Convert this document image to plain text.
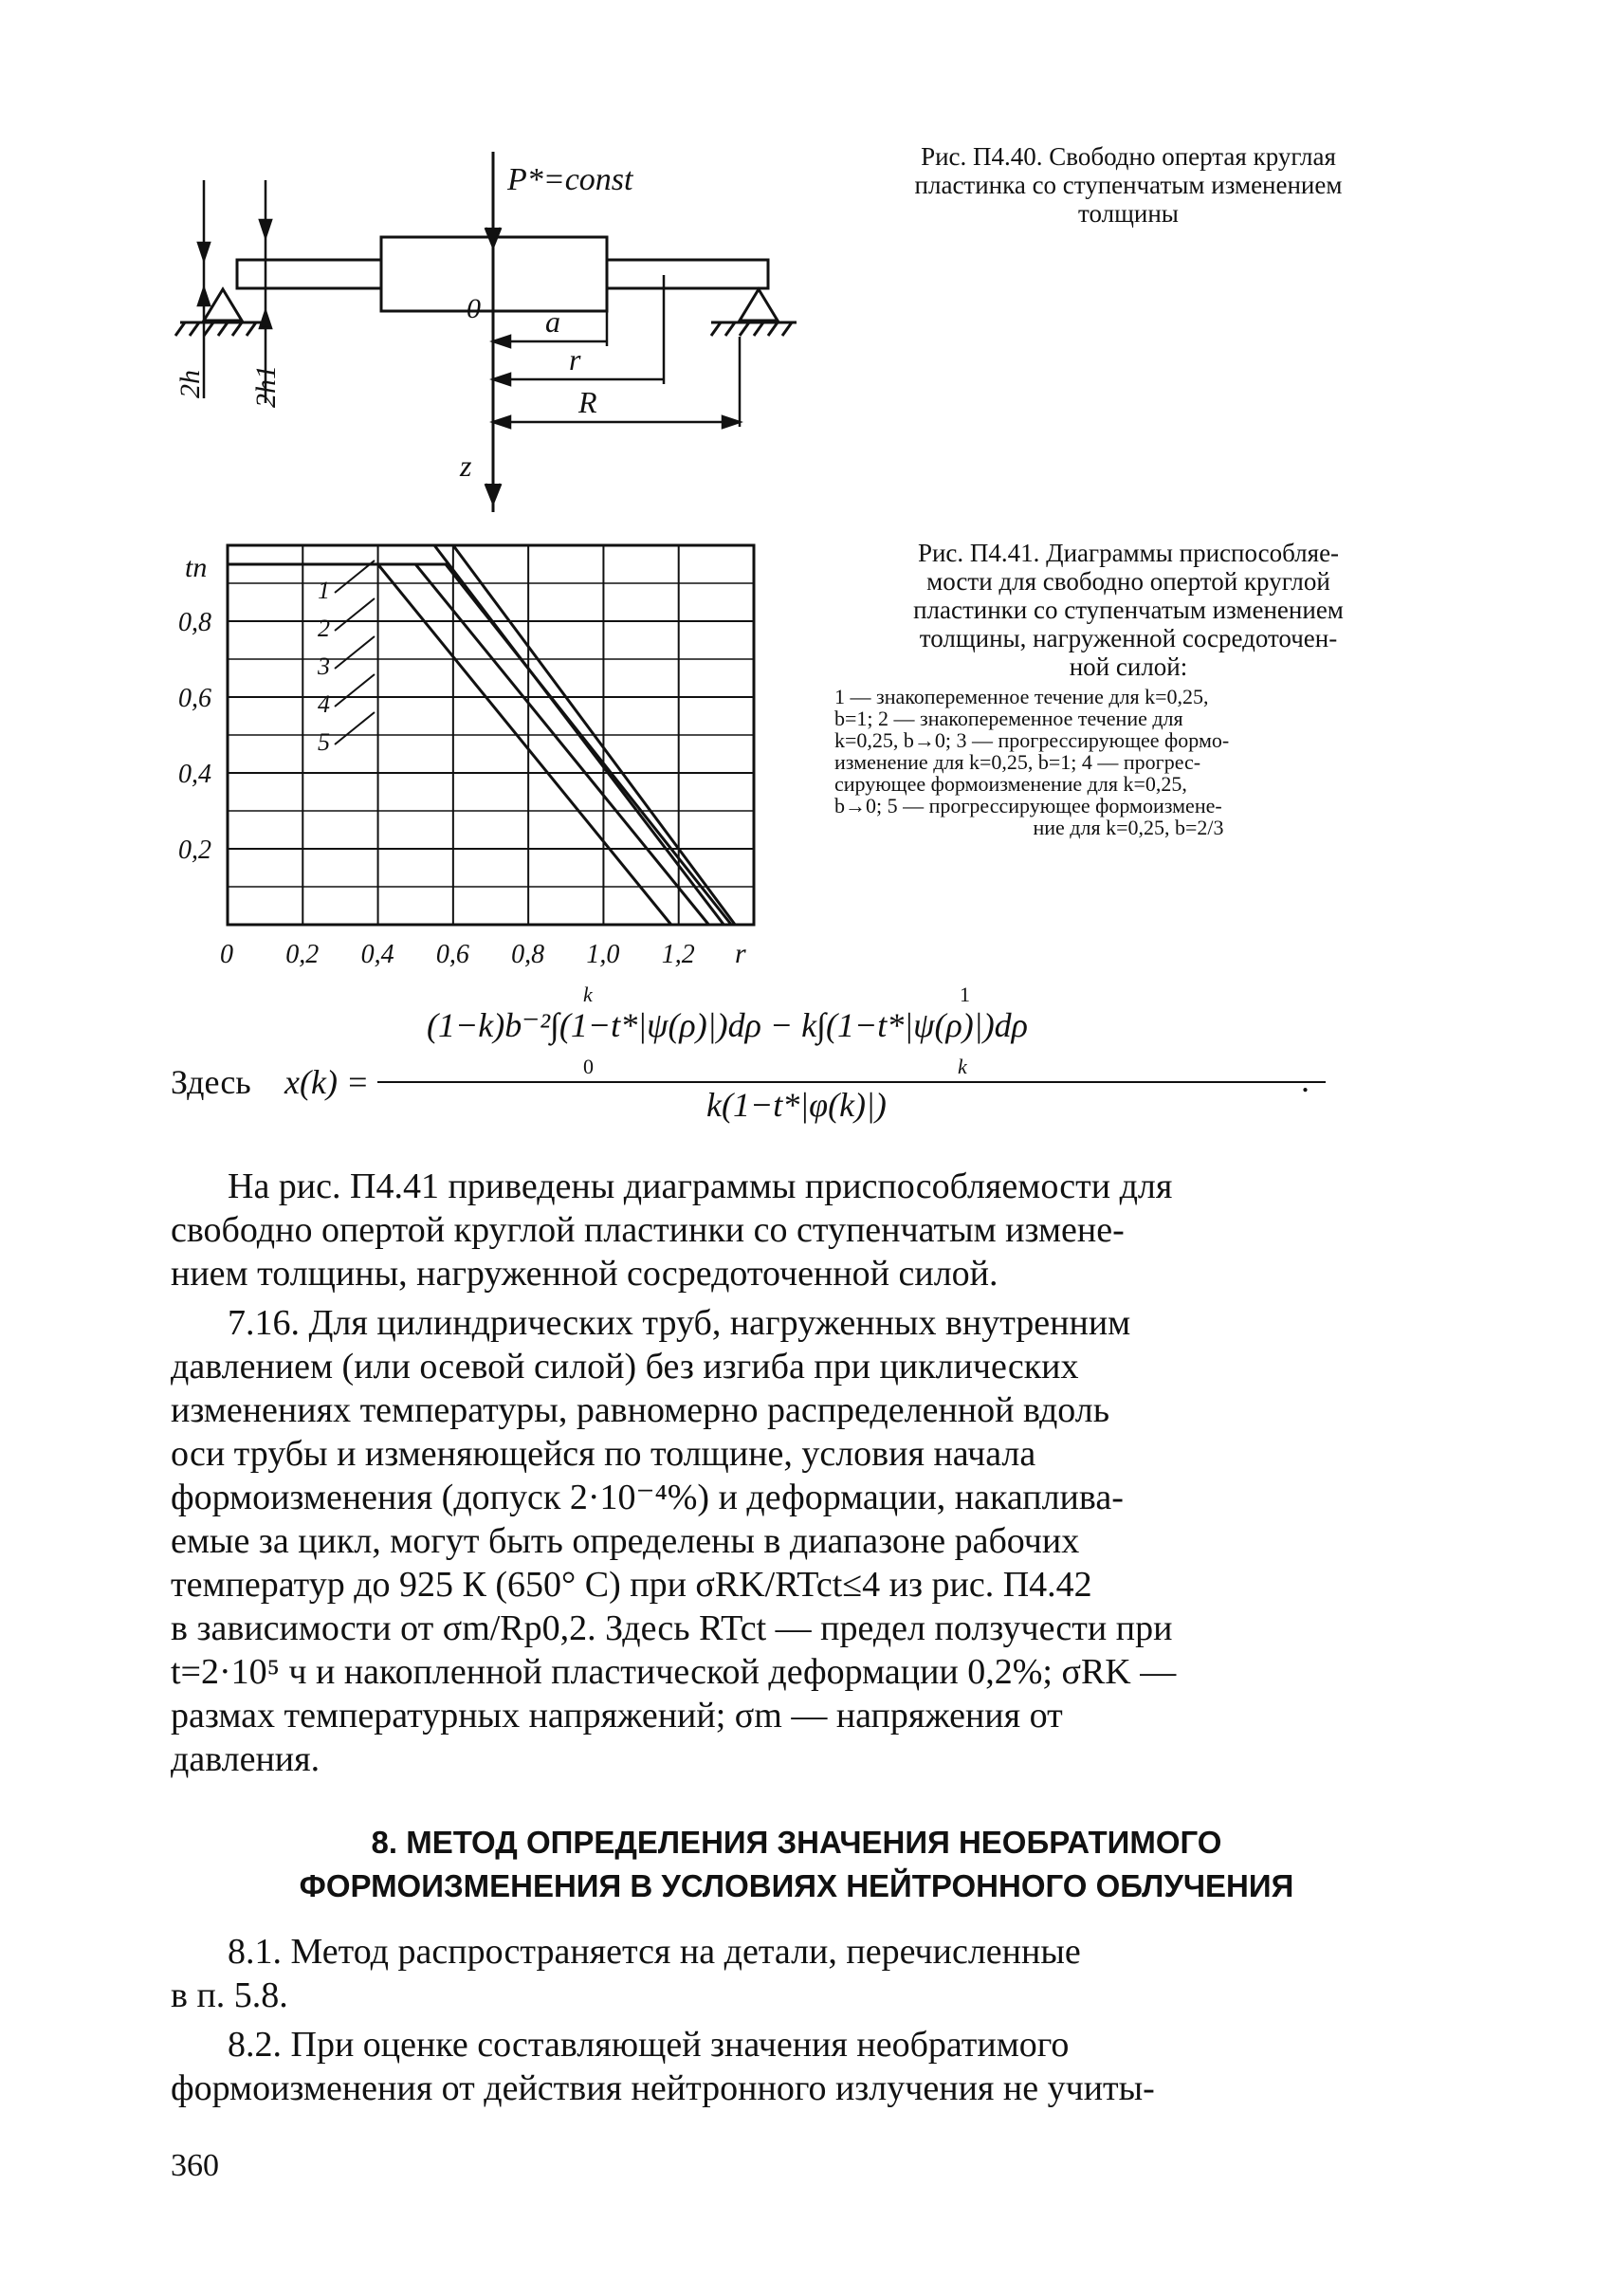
P*=const
2h 2h1
0 a
r
R
z
Рис. П4.40. Свободно опертая круглая
пластинка со ступенчатым изменением
толщины
tп
r
0 0,2 0,4 0,6 0,8 1,0 1,2
0,2
0,4
0,6
0,8
1
2
3
4
5
Рис. П4.41. Диаграммы приспособляе-
мости для свободно опертой круглой
пластинки со ступенчатым изменением
толщины, нагруженной сосредоточен-
ной силой:
1 — знакопеременное течение для k=0,25,
b=1; 2 — знакопеременное течение для
k=0,25, b→0; 3 — прогрессирующее формо-
изменение для k=0,25, b=1; 4 — прогрес-
сирующее формоизменение для k=0,25,
b→0; 5 — прогрессирующее формоизмене-
ние для k=0,25, b=2/3
Здесь x(k) =
k	1
(1−k)b⁻²∫(1−t*|ψ(ρ)|)dρ − k∫(1−t*|ψ(ρ)|)dρ
0	k	.
k(1−t*|φ(k)|)
На рис. П4.41 приведены диаграммы приспособляемости для
свободно опертой круглой пластинки со ступенчатым измене-
нием толщины, нагруженной сосредоточенной силой.
7.16. Для цилиндрических труб, нагруженных внутренним
давлением (или осевой силой) без изгиба при циклических
изменениях температуры, равномерно распределенной вдоль
оси трубы и изменяющейся по толщине, условия начала
формоизменения (допуск 2·10⁻⁴%) и деформации, накаплива-
емые за цикл, могут быть определены в диапазоне рабочих
температур до 925 К (650° С) при σRK/RTct≤4 из рис. П4.42
в зависимости от σm/Rp0,2. Здесь RTct — предел ползучести при
t=2·10⁵ ч и накопленной пластической деформации 0,2%; σRK —
размах температурных напряжений; σm — напряжения от
давления.
8. МЕТОД ОПРЕДЕЛЕНИЯ ЗНАЧЕНИЯ НЕОБРАТИМОГО
ФОРМОИЗМЕНЕНИЯ В УСЛОВИЯХ НЕЙТРОННОГО ОБЛУЧЕНИЯ
8.1. Метод распространяется на детали, перечисленные
в п. 5.8.
8.2. При оценке составляющей значения необратимого
формоизменения от действия нейтронного излучения не учиты-
360
